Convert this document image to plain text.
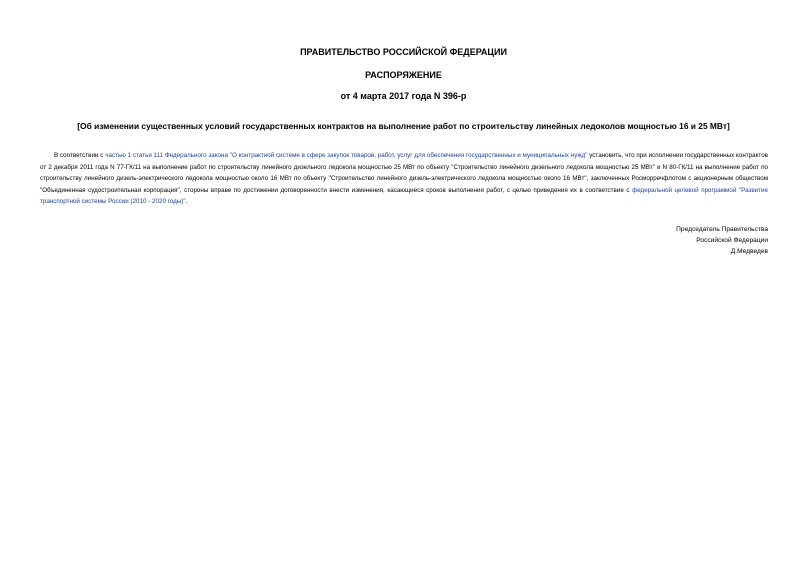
ПРАВИТЕЛЬСТВО РОССИЙСКОЙ ФЕДЕРАЦИИ
РАСПОРЯЖЕНИЕ
от 4 марта 2017 года N 396-р
[Об изменении существенных условий государственных контрактов на выполнение работ по строительству линейных ледоколов мощностью 16 и 25 МВт]
В соответствии с частью 1 статьи 111 Федерального закона "О контрактной системе в сфере закупок товаров, работ, услуг для обеспечения государственных и муниципальных нужд" установить, что при исполнении государственных контрактов от 2 декабря 2011 года N 77-ГК/11 на выполнение работ по строительству линейного дизельного ледокола мощностью 25 МВт по объекту "Строительство линейного дизельного ледокола мощностью 25 МВт" и N 80-ГК/11 на выполнение работ по строительству линейного дизель-электрического ледокола мощностью около 16 МВт по объекту "Строительство линейного дизель-электрического ледокола мощностью около 16 МВт", заключенных Росморречфлотом с акционерным обществом "Объединенная судостроительная корпорация", стороны вправе по достижении договоренности внести изменения, касающиеся сроков выполнения работ, с целью приведения их в соответствие с федеральной целевой программой "Развитие транспортной системы России (2010 - 2020 годы)".
Председатель Правительства
Российской Федерации
Д.Медведев
